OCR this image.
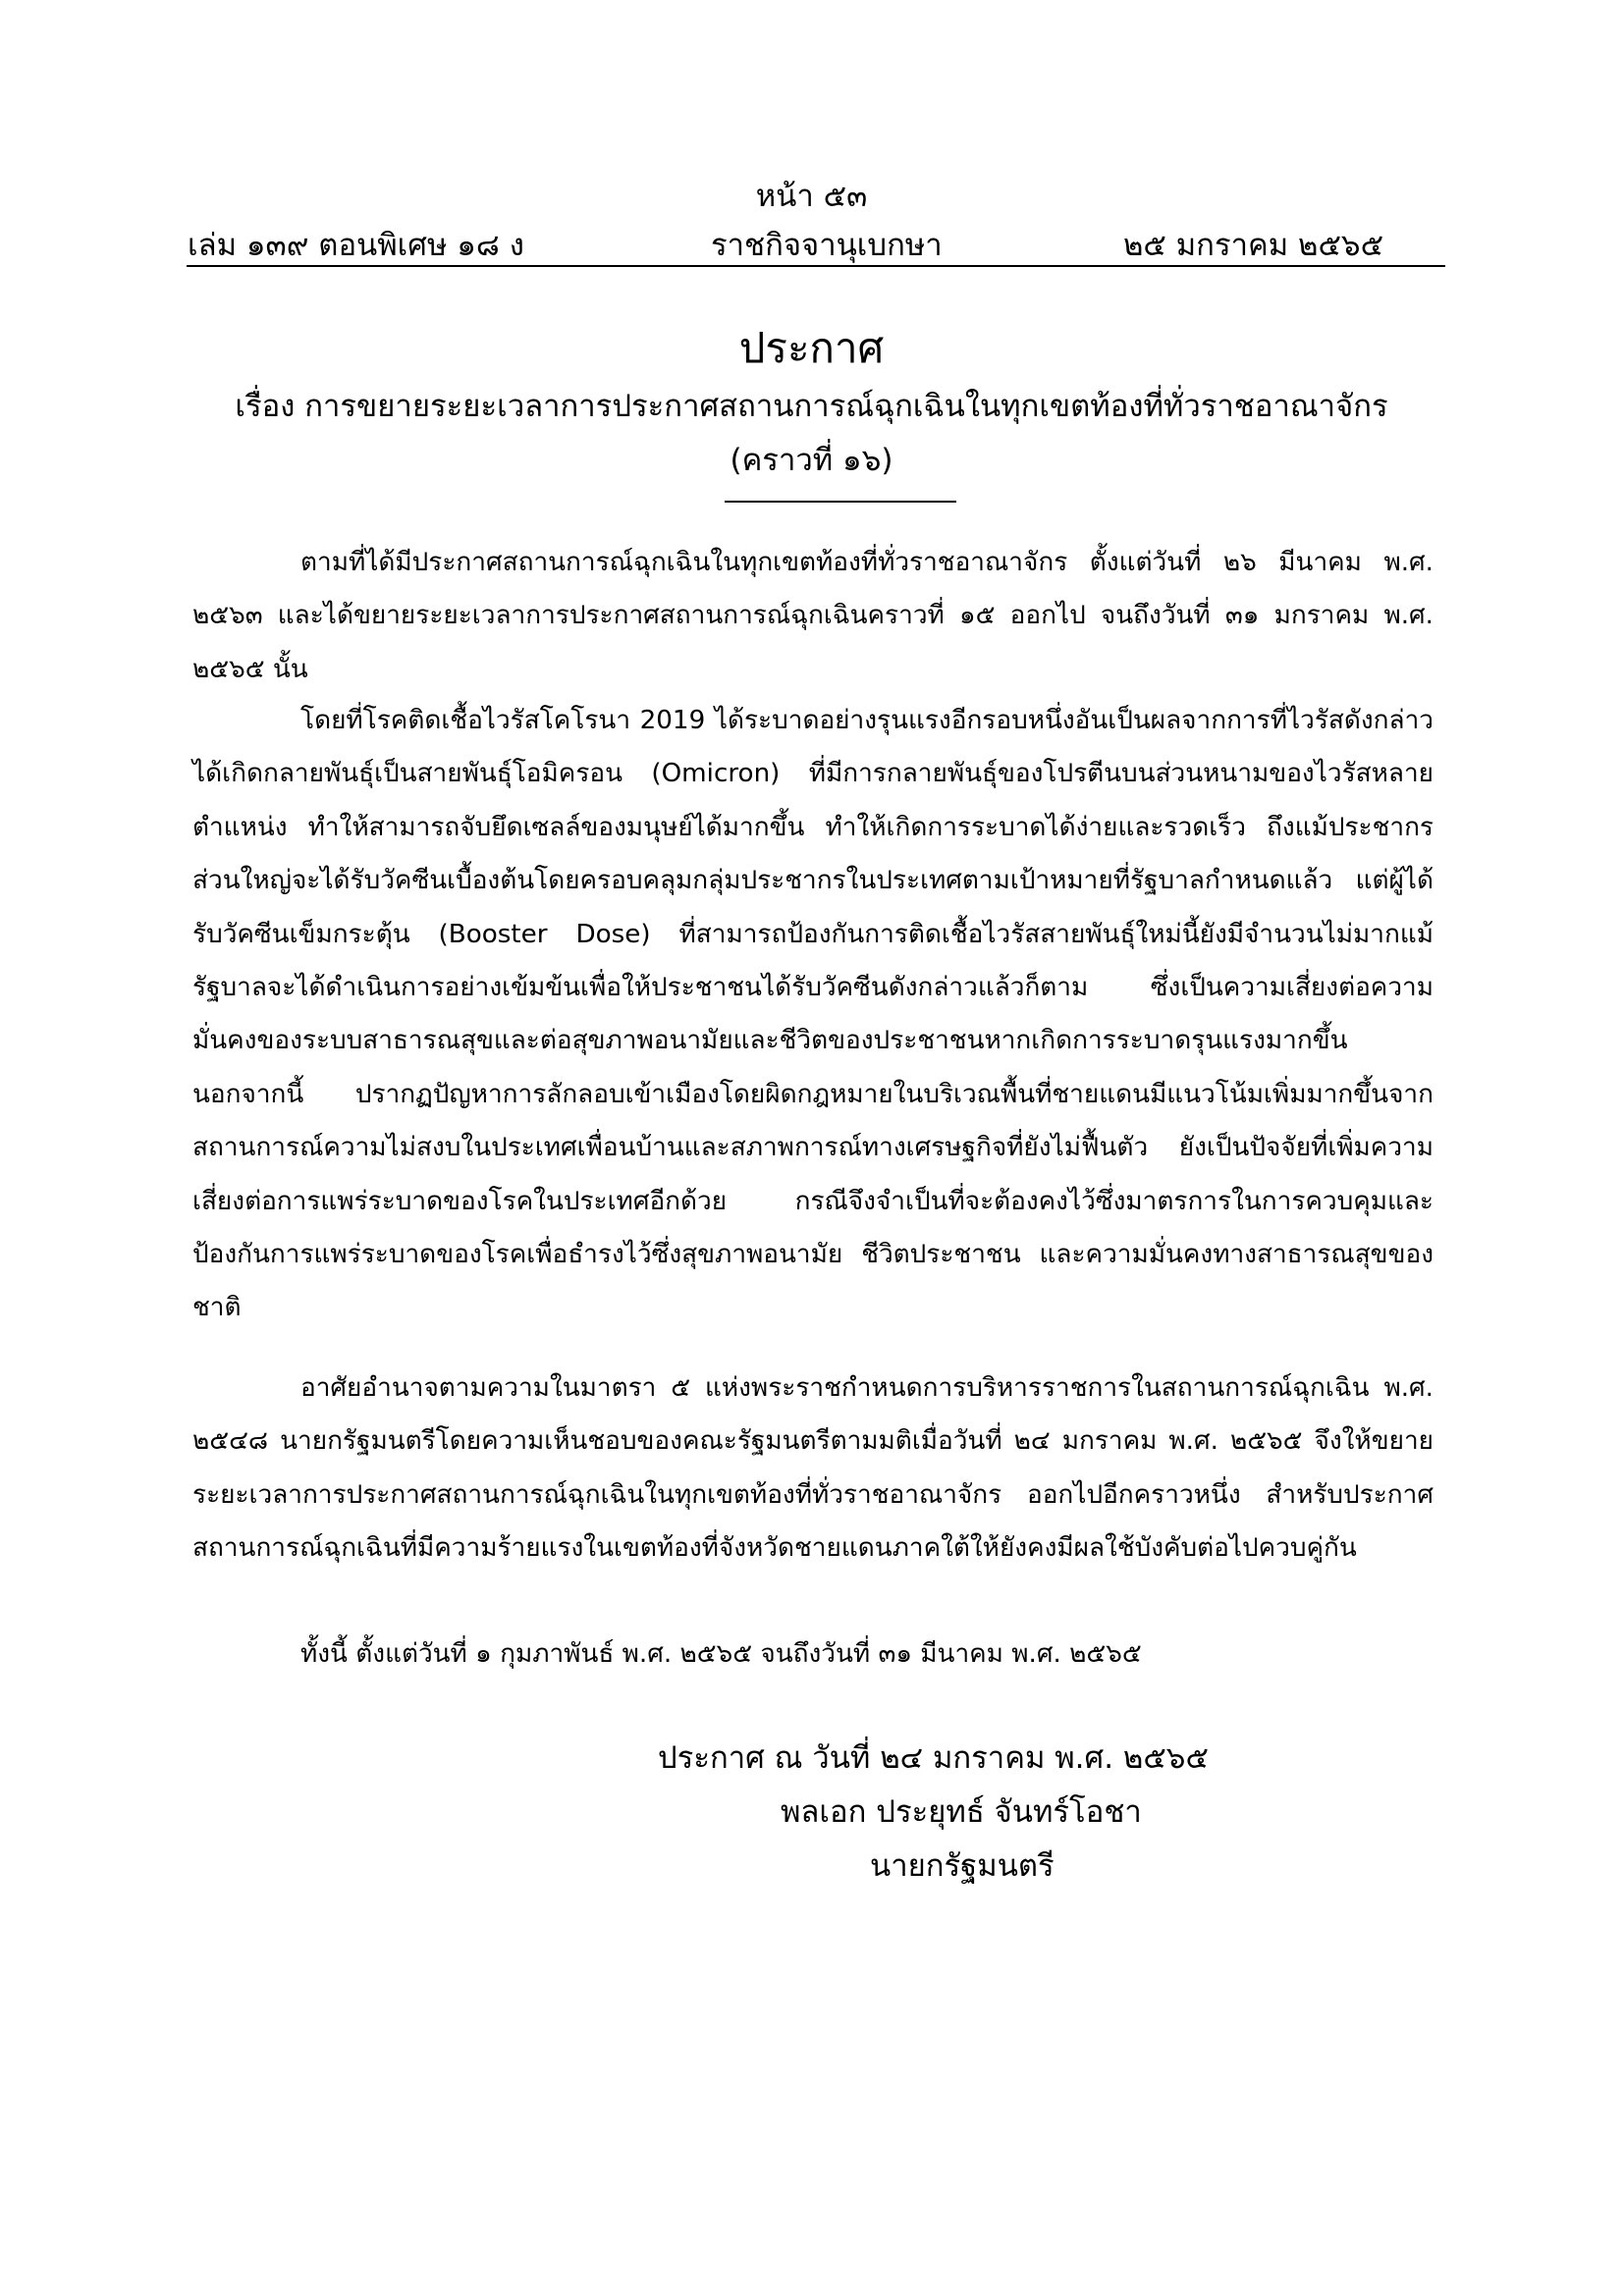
หน้า ๕๓
เล่ม ๑๓๙ ตอนพิเศษ ๑๘ ง	ราชกิจจานุเบกษา	๒๕ มกราคม ๒๕๖๕
ประกาศ
เรื่อง การขยายระยะเวลาการประกาศสถานการณ์ฉุกเฉินในทุกเขตท้องที่ทั่วราชอาณาจักร
(คราวที่ ๑๖)
ตามที่ได้มีประกาศสถานการณ์ฉุกเฉินในทุกเขตท้องที่ทั่วราชอาณาจักร ตั้งแต่วันที่ ๒๖ มีนาคม พ.ศ. ๒๕๖๓ และได้ขยายระยะเวลาการประกาศสถานการณ์ฉุกเฉินคราวที่ ๑๕ ออกไป จนถึงวันที่ ๓๑ มกราคม พ.ศ. ๒๕๖๕ นั้น
โดยที่โรคติดเชื้อไวรัสโคโรนา 2019 ได้ระบาดอย่างรุนแรงอีกรอบหนึ่งอันเป็นผลจากการที่ไวรัสดังกล่าวได้เกิดกลายพันธุ์เป็นสายพันธุ์โอมิครอน (Omicron) ที่มีการกลายพันธุ์ของโปรตีนบนส่วนหนามของไวรัสหลายตำแหน่ง ทำให้สามารถจับยึดเซลล์ของมนุษย์ได้มากขึ้น ทำให้เกิดการระบาดได้ง่ายและรวดเร็ว ถึงแม้ประชากรส่วนใหญ่จะได้รับวัคซีนเบื้องต้นโดยครอบคลุมกลุ่มประชากรในประเทศตามเป้าหมายที่รัฐบาลกำหนดแล้ว แต่ผู้ได้รับวัคซีนเข็มกระตุ้น (Booster Dose) ที่สามารถป้องกันการติดเชื้อไวรัสสายพันธุ์ใหม่นี้ยังมีจำนวนไม่มากแม้รัฐบาลจะได้ดำเนินการอย่างเข้มข้นเพื่อให้ประชาชนได้รับวัคซีนดังกล่าวแล้วก็ตาม ซึ่งเป็นความเสี่ยงต่อความมั่นคงของระบบสาธารณสุขและต่อสุขภาพอนามัยและชีวิตของประชาชนหากเกิดการระบาดรุนแรงมากขึ้น นอกจากนี้ ปรากฏปัญหาการลักลอบเข้าเมืองโดยผิดกฎหมายในบริเวณพื้นที่ชายแดนมีแนวโน้มเพิ่มมากขึ้นจากสถานการณ์ความไม่สงบในประเทศเพื่อนบ้านและสภาพการณ์ทางเศรษฐกิจที่ยังไม่ฟื้นตัว ยังเป็นปัจจัยที่เพิ่มความเสี่ยงต่อการแพร่ระบาดของโรคในประเทศอีกด้วย กรณีจึงจำเป็นที่จะต้องคงไว้ซึ่งมาตรการในการควบคุมและป้องกันการแพร่ระบาดของโรคเพื่อธำรงไว้ซึ่งสุขภาพอนามัย ชีวิตประชาชน และความมั่นคงทางสาธารณสุขของชาติ
อาศัยอำนาจตามความในมาตรา ๕ แห่งพระราชกำหนดการบริหารราชการในสถานการณ์ฉุกเฉิน พ.ศ. ๒๕๔๘ นายกรัฐมนตรีโดยความเห็นชอบของคณะรัฐมนตรีตามมติเมื่อวันที่ ๒๔ มกราคม พ.ศ. ๒๕๖๕ จึงให้ขยายระยะเวลาการประกาศสถานการณ์ฉุกเฉินในทุกเขตท้องที่ทั่วราชอาณาจักร ออกไปอีกคราวหนึ่ง สำหรับประกาศสถานการณ์ฉุกเฉินที่มีความร้ายแรงในเขตท้องที่จังหวัดชายแดนภาคใต้ให้ยังคงมีผลใช้บังคับต่อไปควบคู่กัน
ทั้งนี้ ตั้งแต่วันที่ ๑ กุมภาพันธ์ พ.ศ. ๒๕๖๕ จนถึงวันที่ ๓๑ มีนาคม พ.ศ. ๒๕๖๕
ประกาศ ณ วันที่ ๒๔ มกราคม พ.ศ. ๒๕๖๕
พลเอก ประยุทธ์ จันทร์โอชา
นายกรัฐมนตรี
